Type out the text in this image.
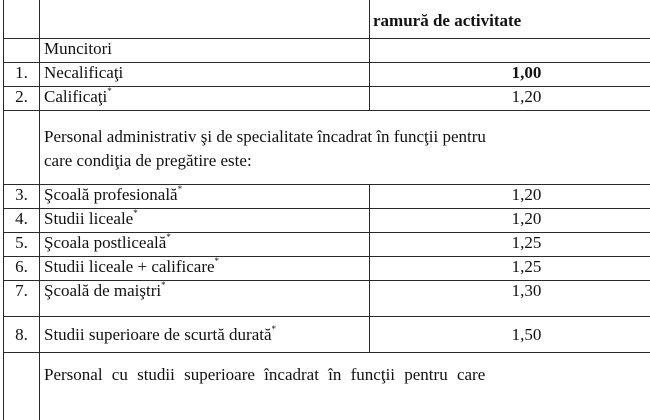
		ramură de activitate

	Muncitori	
1.	Necalificaţi	1,00
2.	Calificaţi*	1,20

	Personal administrativ şi de specialitate încadrat în funcţii pentru
care condiţia de pregătire este:	

3.	Şcoală profesională*	1,20
4.	Studii liceale*	1,20
5.	Şcoala postliceală*	1,25
6.	Studii liceale + calificare*	1,25
7.	Şcoală de maiştri*	1,30
8.	Studii superioare de scurtă durată*	1,50

	Personal cu studii superioare încadrat în funcţii pentru care	
